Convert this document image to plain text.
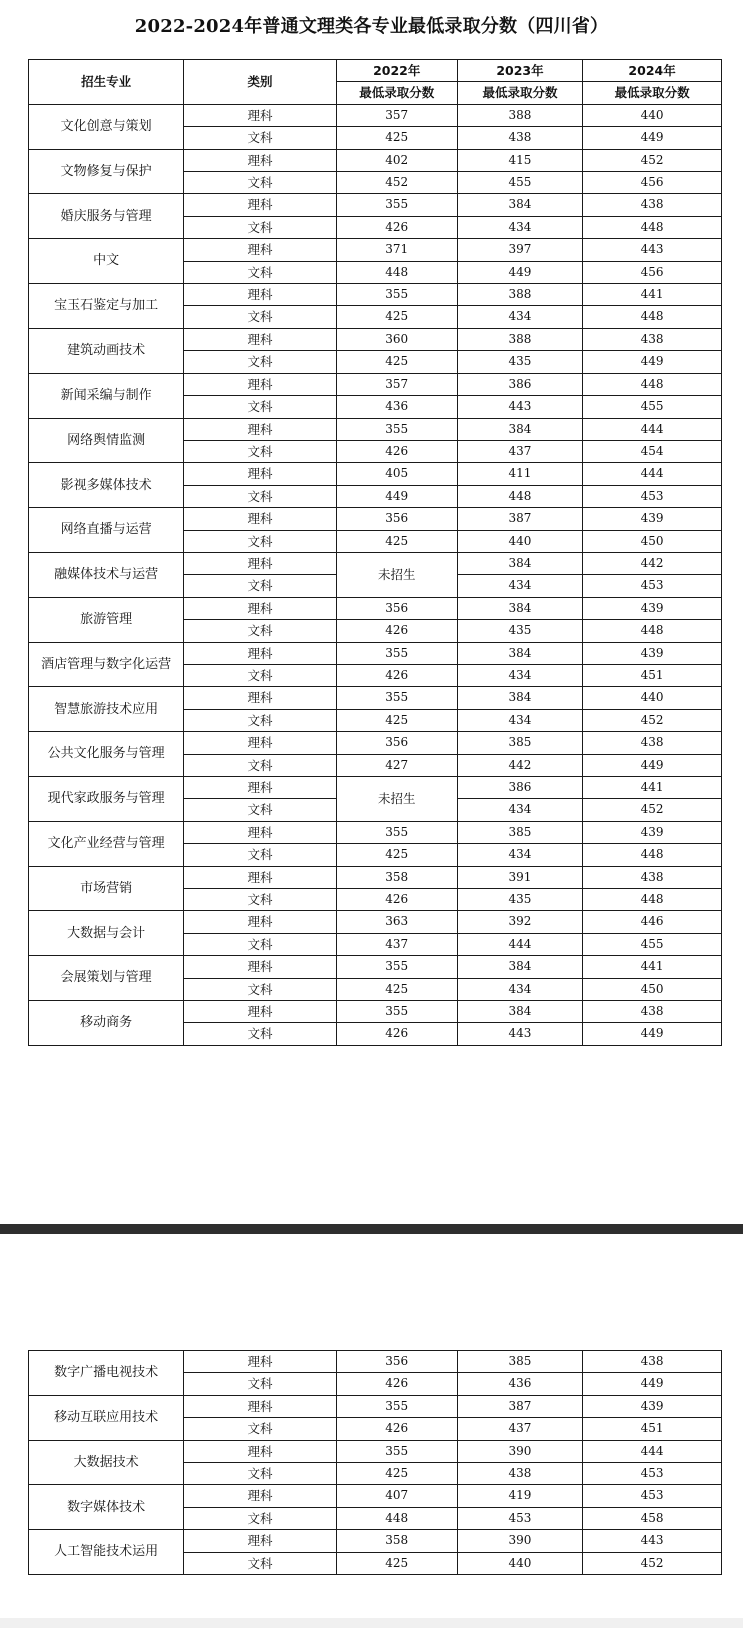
2022-2024年普通文理类各专业最低录取分数（四川省）
招生专业	类别	2022年	2023年	2024年
		最低录取分数	最低录取分数	最低录取分数
文化创意与策划	理科	357	388	440
	文科	425	438	449
文物修复与保护	理科	402	415	452
	文科	452	455	456
婚庆服务与管理	理科	355	384	438
	文科	426	434	448
中文	理科	371	397	443
	文科	448	449	456
宝玉石鉴定与加工	理科	355	388	441
	文科	425	434	448
建筑动画技术	理科	360	388	438
	文科	425	435	449
新闻采编与制作	理科	357	386	448
	文科	436	443	455
网络舆情监测	理科	355	384	444
	文科	426	437	454
影视多媒体技术	理科	405	411	444
	文科	449	448	453
网络直播与运营	理科	356	387	439
	文科	425	440	450
融媒体技术与运营	理科	未招生	384	442
	文科		434	453
旅游管理	理科	356	384	439
	文科	426	435	448
酒店管理与数字化运营	理科	355	384	439
	文科	426	434	451
智慧旅游技术应用	理科	355	384	440
	文科	425	434	452
公共文化服务与管理	理科	356	385	438
	文科	427	442	449
现代家政服务与管理	理科	未招生	386	441
	文科		434	452
文化产业经营与管理	理科	355	385	439
	文科	425	434	448
市场营销	理科	358	391	438
	文科	426	435	448
大数据与会计	理科	363	392	446
	文科	437	444	455
会展策划与管理	理科	355	384	441
	文科	425	434	450
移动商务	理科	355	384	438
	文科	426	443	449
数字广播电视技术	理科	356	385	438
	文科	426	436	449
移动互联应用技术	理科	355	387	439
	文科	426	437	451
大数据技术	理科	355	390	444
	文科	425	438	453
数字媒体技术	理科	407	419	453
	文科	448	453	458
人工智能技术运用	理科	358	390	443
	文科	425	440	452
